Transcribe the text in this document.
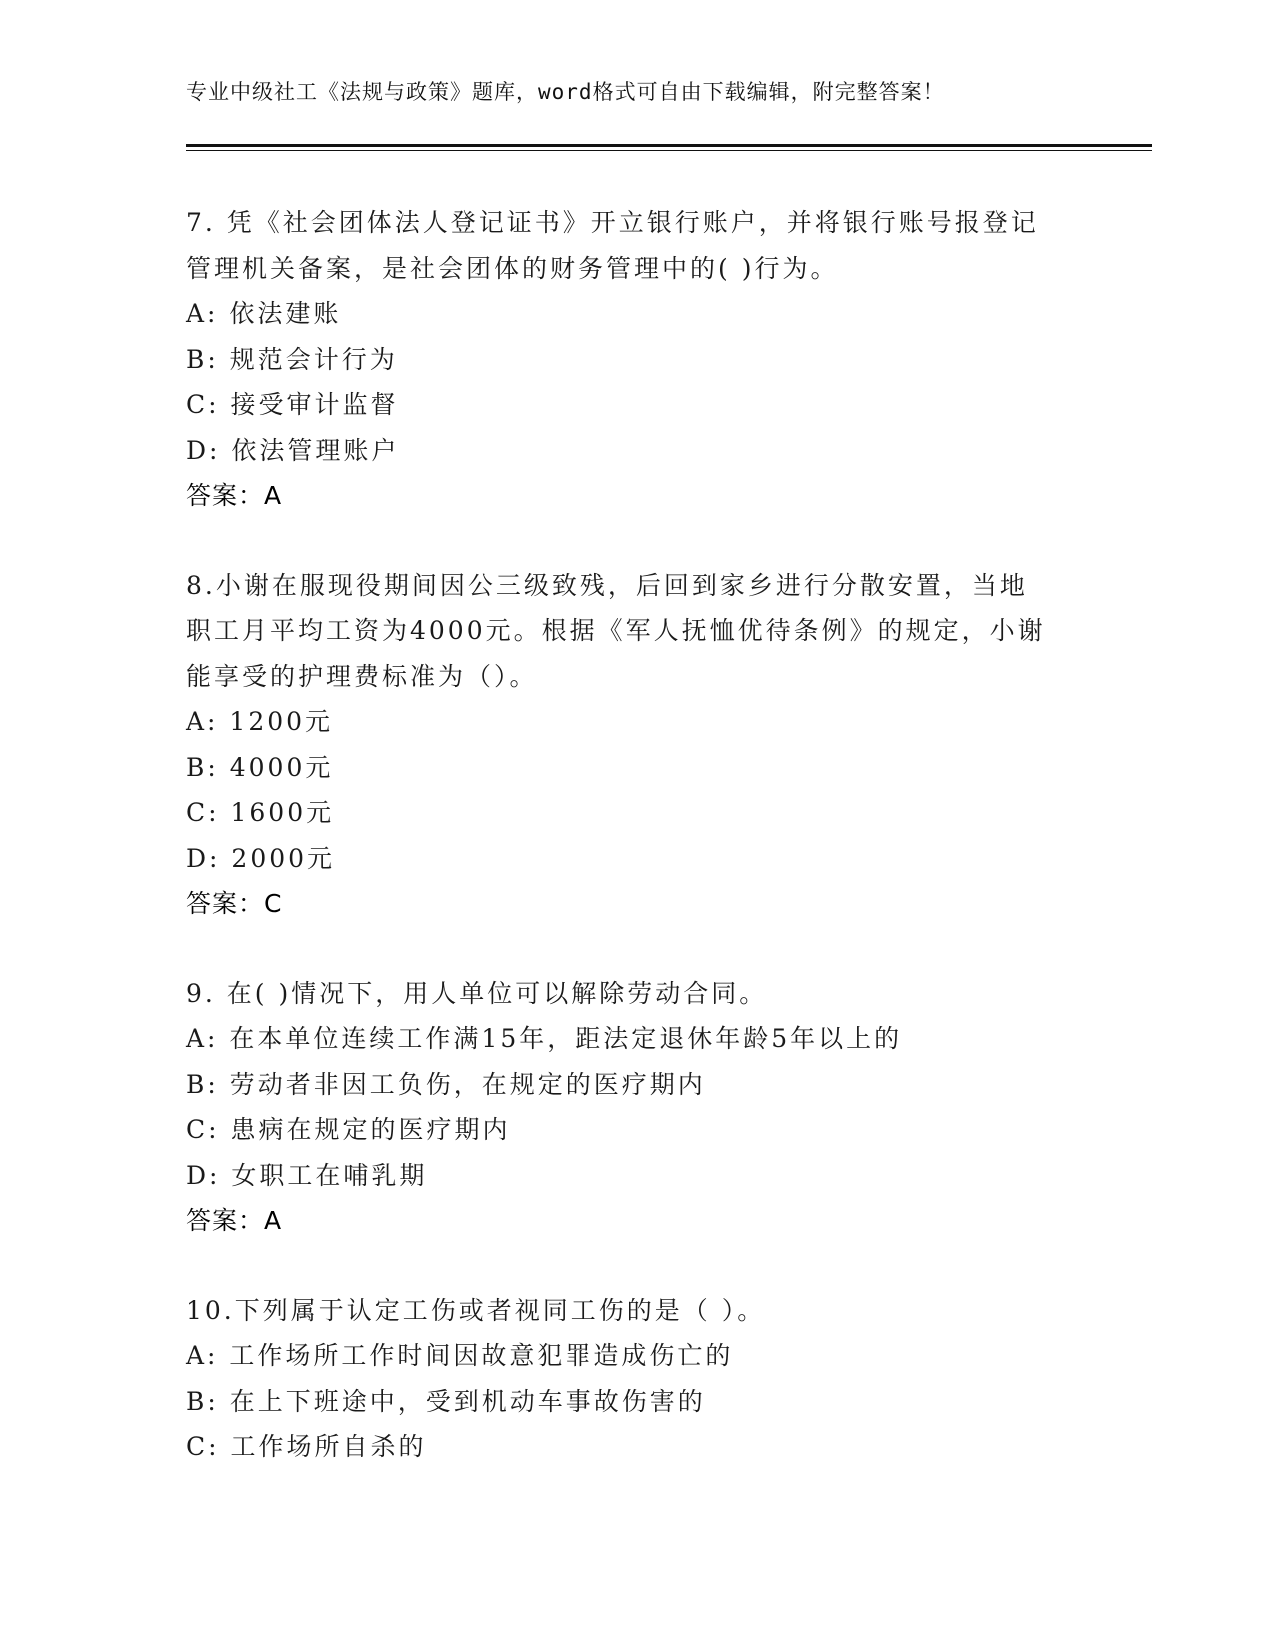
专业中级社工《法规与政策》题库，word格式可自由下载编辑，附完整答案！
7. 凭《社会团体法人登记证书》开立银行账户，并将银行账号报登记
管理机关备案，是社会团体的财务管理中的( )行为。
A: 依法建账
B: 规范会计行为
C: 接受审计监督
D: 依法管理账户
答案：A
8.小谢在服现役期间因公三级致残，后回到家乡进行分散安置，当地
职工月平均工资为4000元。根据《军人抚恤优待条例》的规定，小谢
能享受的护理费标准为（）。
A: 1200元
B: 4000元
C: 1600元
D: 2000元
答案：C
9. 在( )情况下，用人单位可以解除劳动合同。
A: 在本单位连续工作满15年，距法定退休年龄5年以上的
B: 劳动者非因工负伤，在规定的医疗期内
C: 患病在规定的医疗期内
D: 女职工在哺乳期
答案：A
10.下列属于认定工伤或者视同工伤的是（ ）。
A: 工作场所工作时间因故意犯罪造成伤亡的
B: 在上下班途中，受到机动车事故伤害的
C: 工作场所自杀的
